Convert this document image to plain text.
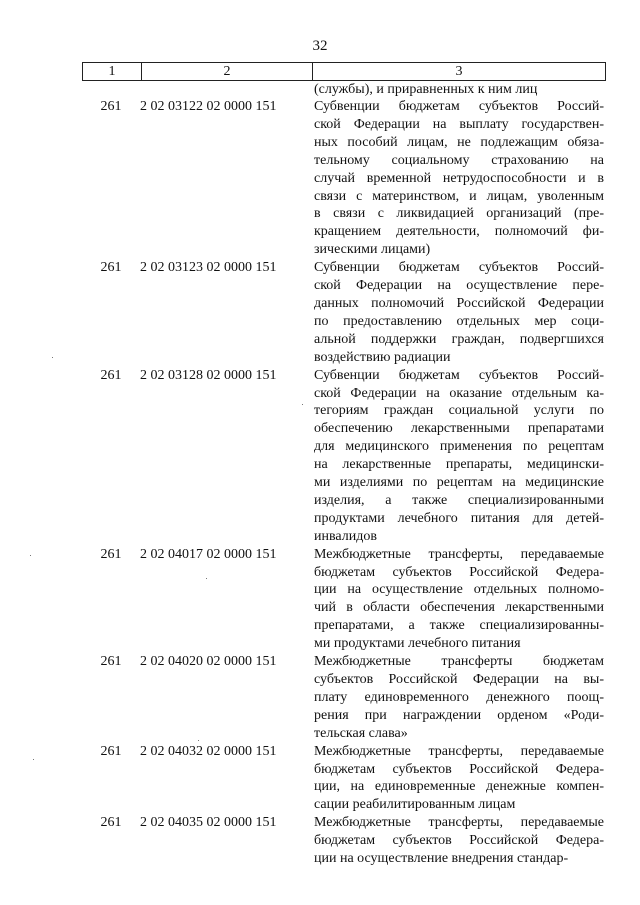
32
1	2	3
(службы), и приравненных к ним лиц
261	2 02 03122 02 0000 151	Субвенции бюджетам субъектов Россий-
ской Федерации на выплату государствен-
ных пособий лицам, не подлежащим обяза-
тельному социальному страхованию на
случай временной нетрудоспособности и в
связи с материнством, и лицам, уволенным
в связи с ликвидацией организаций (пре-
кращением деятельности, полномочий фи-
зическими лицами)
261	2 02 03123 02 0000 151	Субвенции бюджетам субъектов Россий-
ской Федерации на осуществление пере-
данных полномочий Российской Федерации
по предоставлению отдельных мер соци-
альной поддержки граждан, подвергшихся
воздействию радиации
261	2 02 03128 02 0000 151	Субвенции бюджетам субъектов Россий-
ской Федерации на оказание отдельным ка-
тегориям граждан социальной услуги по
обеспечению лекарственными препаратами
для медицинского применения по рецептам
на лекарственные препараты, медицински-
ми изделиями по рецептам на медицинские
изделия, а также специализированными
продуктами лечебного питания для детей-
инвалидов
261	2 02 04017 02 0000 151	Межбюджетные трансферты, передаваемые
бюджетам субъектов Российской Федера-
ции на осуществление отдельных полномо-
чий в области обеспечения лекарственными
препаратами, а также специализированны-
ми продуктами лечебного питания
261	2 02 04020 02 0000 151	Межбюджетные трансферты бюджетам
субъектов Российской Федерации на вы-
плату единовременного денежного поощ-
рения при награждении орденом «Роди-
тельская слава»
261	2 02 04032 02 0000 151	Межбюджетные трансферты, передаваемые
бюджетам субъектов Российской Федера-
ции, на единовременные денежные компен-
сации реабилитированным лицам
261	2 02 04035 02 0000 151	Межбюджетные трансферты, передаваемые
бюджетам субъектов Российской Федера-
ции на осуществление внедрения стандар-
